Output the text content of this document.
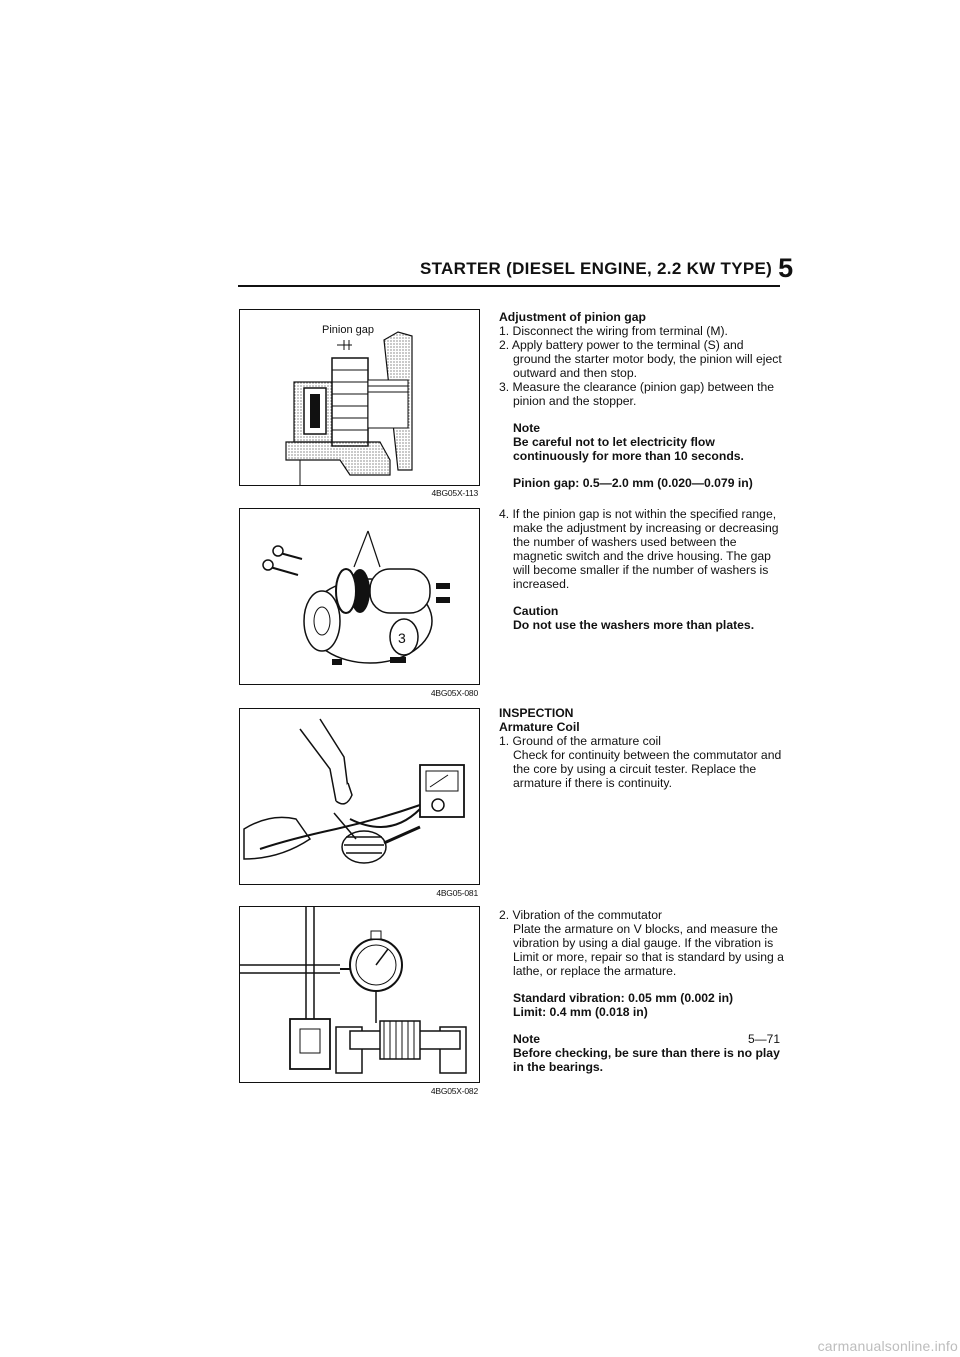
STARTER (DIESEL ENGINE, 2.2 KW TYPE) 5
Pinion gap
4BG05X-113
3
4BG05X-080
4BG05-081
4BG05X-082

Adjustment of pinion gap

1. Disconnect the wiring from terminal (M).

2. Apply battery power to the terminal (S) and ground the starter motor body, the pinion will eject outward and then stop.

3. Measure the clearance (pinion gap) between the pinion and the stopper.

Note

Be careful not to let electricity flow continuously for more than 10 seconds.

Pinion gap: 0.5—2.0 mm (0.020—0.079 in)

4. If the pinion gap is not within the specified range, make the adjustment by increasing or decreasing the number of washers used between the magnetic switch and the drive housing. The gap will become smaller if the number of washers is increased.

Caution

Do not use the washers more than plates.

INSPECTION

Armature Coil

1. Ground of the armature coil

Check for continuity between the commutator and the core by using a circuit tester. Replace the armature if there is continuity.

2. Vibration of the commutator

Plate the armature on V blocks, and measure the vibration by using a dial gauge. If the vibration is Limit or more, repair so that is standard by using a lathe, or replace the armature.

Standard vibration: 0.05 mm (0.002 in)

Limit: 0.4 mm (0.018 in)

Note

Before checking, be sure than there is no play in the bearings.

5—71
carmanualsonline.info
